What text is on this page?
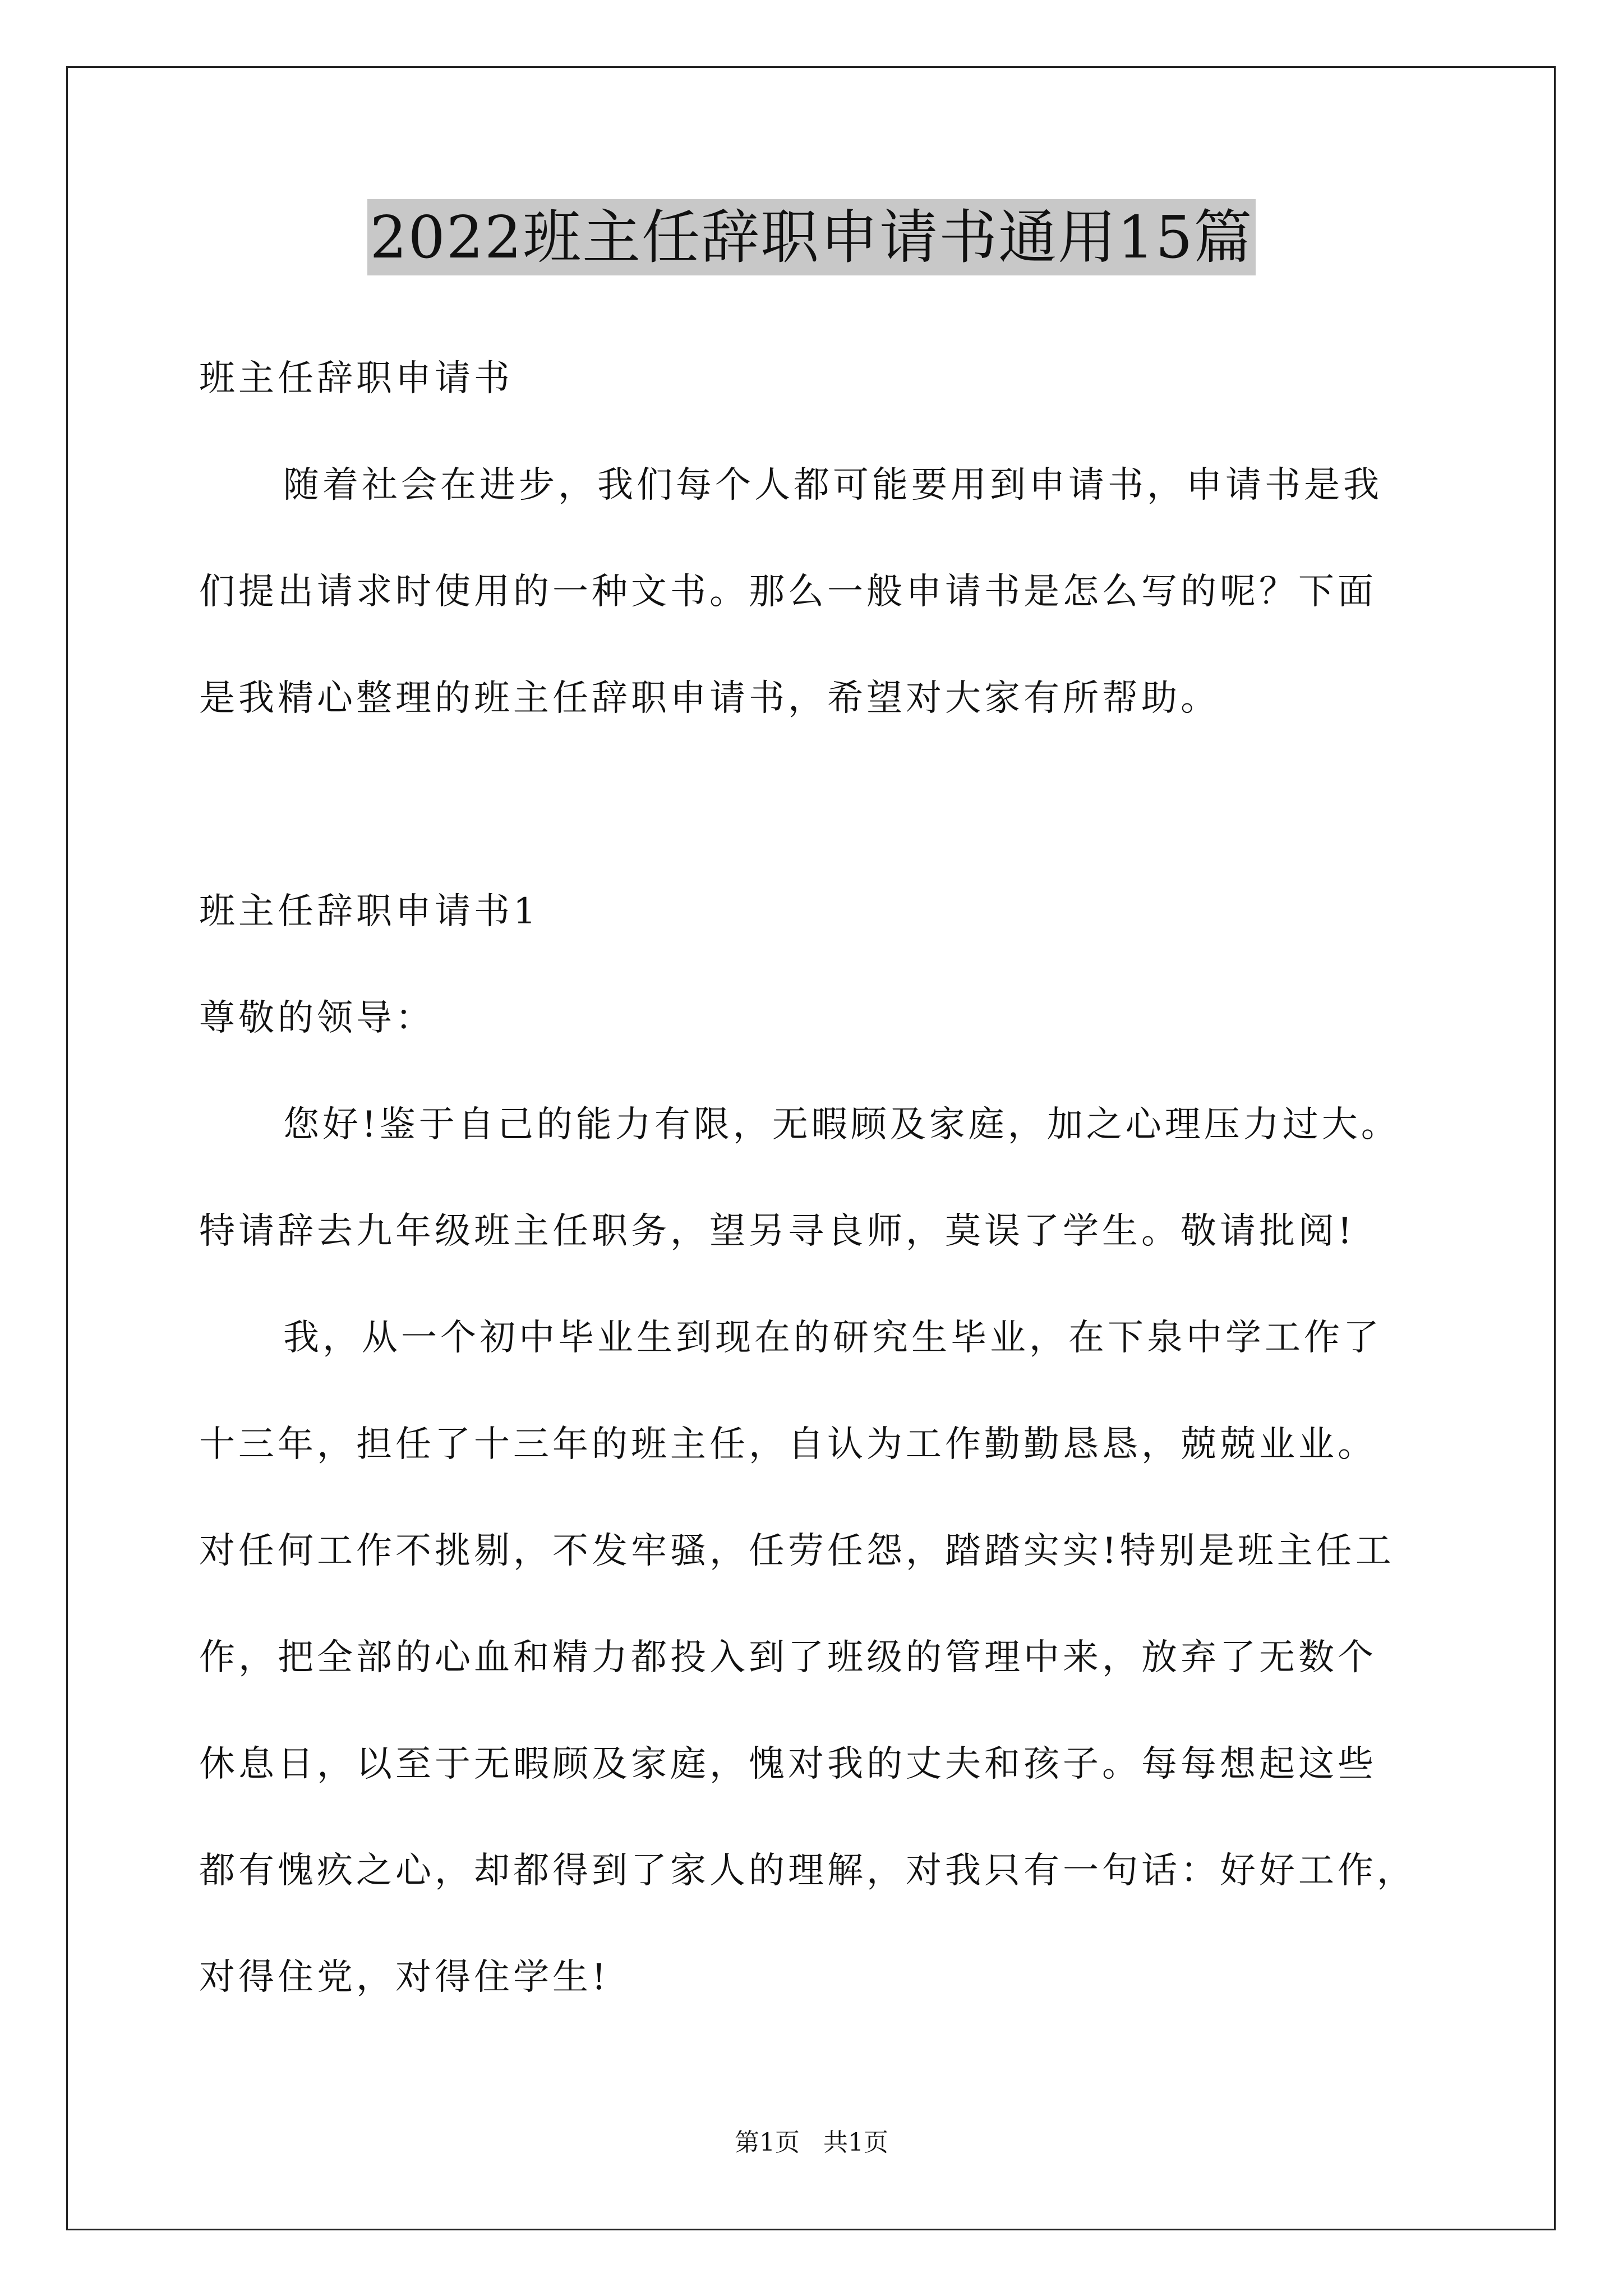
2022班主任辞职申请书通用15篇
班主任辞职申请书
随着社会在进步，我们每个人都可能要用到申请书，申请书是我
们提出请求时使用的一种文书。那么一般申请书是怎么写的呢？下面
是我精心整理的班主任辞职申请书，希望对大家有所帮助。
班主任辞职申请书1
尊敬的领导：
您好!鉴于自己的能力有限，无暇顾及家庭，加之心理压力过大。
特请辞去九年级班主任职务，望另寻良师，莫误了学生。敬请批阅!
我，从一个初中毕业生到现在的研究生毕业，在下泉中学工作了
十三年，担任了十三年的班主任，自认为工作勤勤恳恳，兢兢业业。
对任何工作不挑剔，不发牢骚，任劳任怨，踏踏实实!特别是班主任工
作，把全部的心血和精力都投入到了班级的管理中来，放弃了无数个
休息日，以至于无暇顾及家庭，愧对我的丈夫和孩子。每每想起这些
都有愧疚之心，却都得到了家人的理解，对我只有一句话：好好工作，
对得住党，对得住学生!
第1页 共1页
